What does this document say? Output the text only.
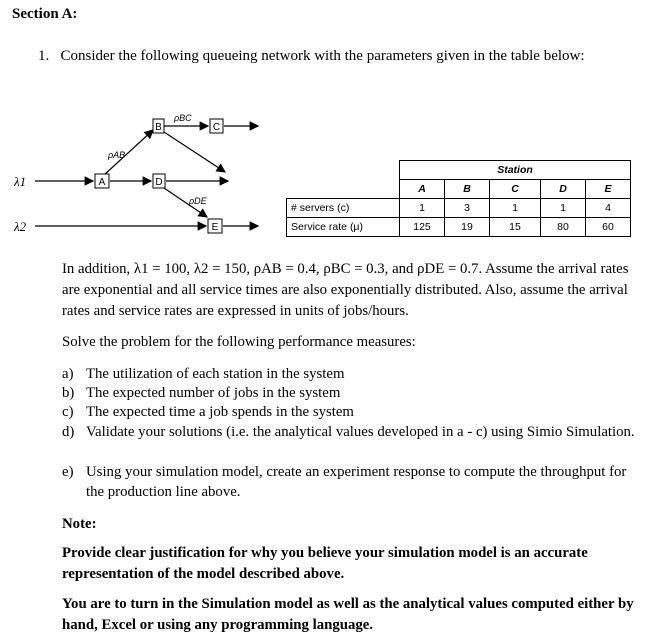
Section A:
1. Consider the following queueing network with the parameters given in the table below:
A
B	C
D
E
ρAB
ρBC
ρDE
λ1
λ2
	Station				
	A	B	C	D	E
# servers (c)	1	3	1	1	4
Service rate (μ)	125	19	15	80	60
In addition, λ1 = 100, λ2 = 150, ρAB = 0.4, ρBC = 0.3, and ρDE = 0.7. Assume the arrival rates are exponential and all service times are also exponentially distributed. Also, assume the arrival rates and service rates are expressed in units of jobs/hours.
Solve the problem for the following performance measures:
a) The utilization of each station in the system
b) The expected number of jobs in the system
c) The expected time a job spends in the system
d) Validate your solutions (i.e. the analytical values developed in a - c) using Simio Simulation.
e) Using your simulation model, create an experiment response to compute the throughput for the production line above.
Note:
Provide clear justification for why you believe your simulation model is an accurate representation of the model described above.
You are to turn in the Simulation model as well as the analytical values computed either by hand, Excel or using any programming language.
